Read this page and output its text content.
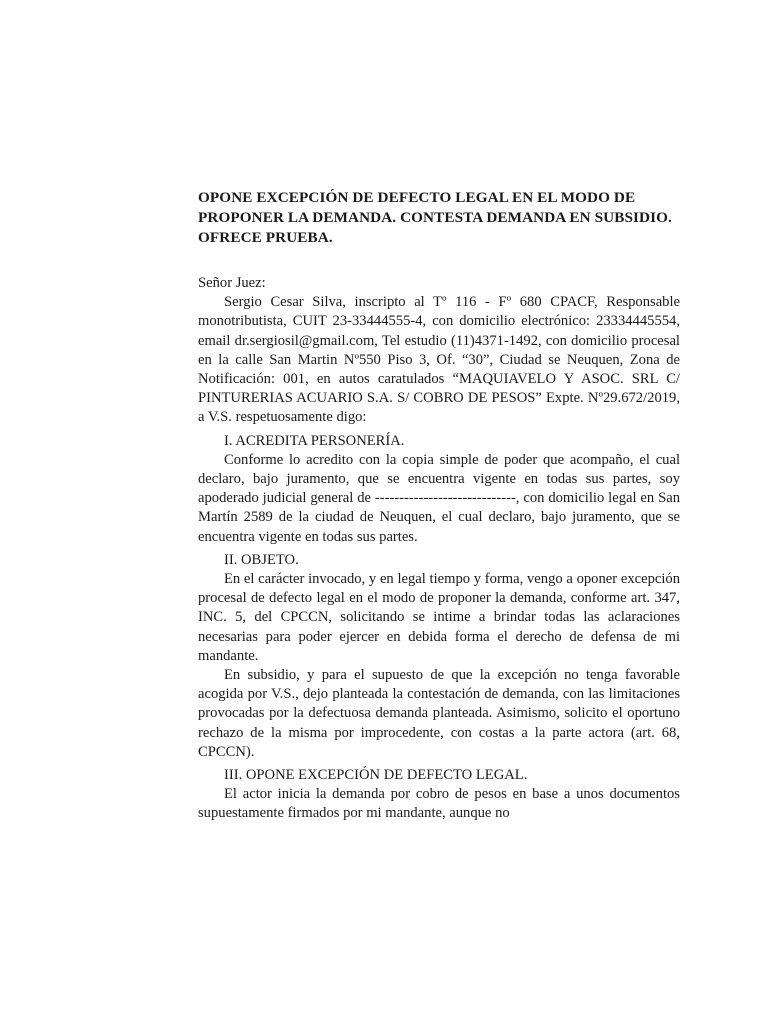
OPONE EXCEPCIÓN DE DEFECTO LEGAL EN EL MODO DE PROPONER LA DEMANDA. CONTESTA DEMANDA EN SUBSIDIO. OFRECE PRUEBA.

Señor Juez:

Sergio Cesar Silva, inscripto al Tº 116 - Fº 680 CPACF, Responsable monotributista, CUIT 23-33444555-4, con domicilio electrónico: 23334445554, email dr.sergiosil@gmail.com, Tel estudio (11)4371-1492, con domicilio procesal en la calle San Martin Nº550 Piso 3, Of. “30”, Ciudad se Neuquen, Zona de Notificación: 001, en autos caratulados “MAQUIAVELO Y ASOC. SRL C/ PINTURERIAS ACUARIO S.A. S/ COBRO DE PESOS” Expte. Nº29.672/2019, a V.S. respetuosamente digo:

I. ACREDITA PERSONERÍA.

Conforme lo acredito con la copia simple de poder que acompaño, el cual declaro, bajo juramento, que se encuentra vigente en todas sus partes, soy apoderado judicial general de -----------------------------, con domicilio legal en San Martín 2589 de la ciudad de Neuquen, el cual declaro, bajo juramento, que se encuentra vigente en todas sus partes.

II. OBJETO.

En el carácter invocado, y en legal tiempo y forma, vengo a oponer excepción procesal de defecto legal en el modo de proponer la demanda, conforme art. 347, INC. 5, del CPCCN, solicitando se intime a brindar todas las aclaraciones necesarias para poder ejercer en debida forma el derecho de defensa de mi mandante.

En subsidio, y para el supuesto de que la excepción no tenga favorable acogida por V.S., dejo planteada la contestación de demanda, con las limitaciones provocadas por la defectuosa demanda planteada. Asimismo, solicito el oportuno rechazo de la misma por improcedente, con costas a la parte actora (art. 68, CPCCN).

III. OPONE EXCEPCIÓN DE DEFECTO LEGAL.

El actor inicia la demanda por cobro de pesos en base a unos documentos supuestamente firmados por mi mandante, aunque no
